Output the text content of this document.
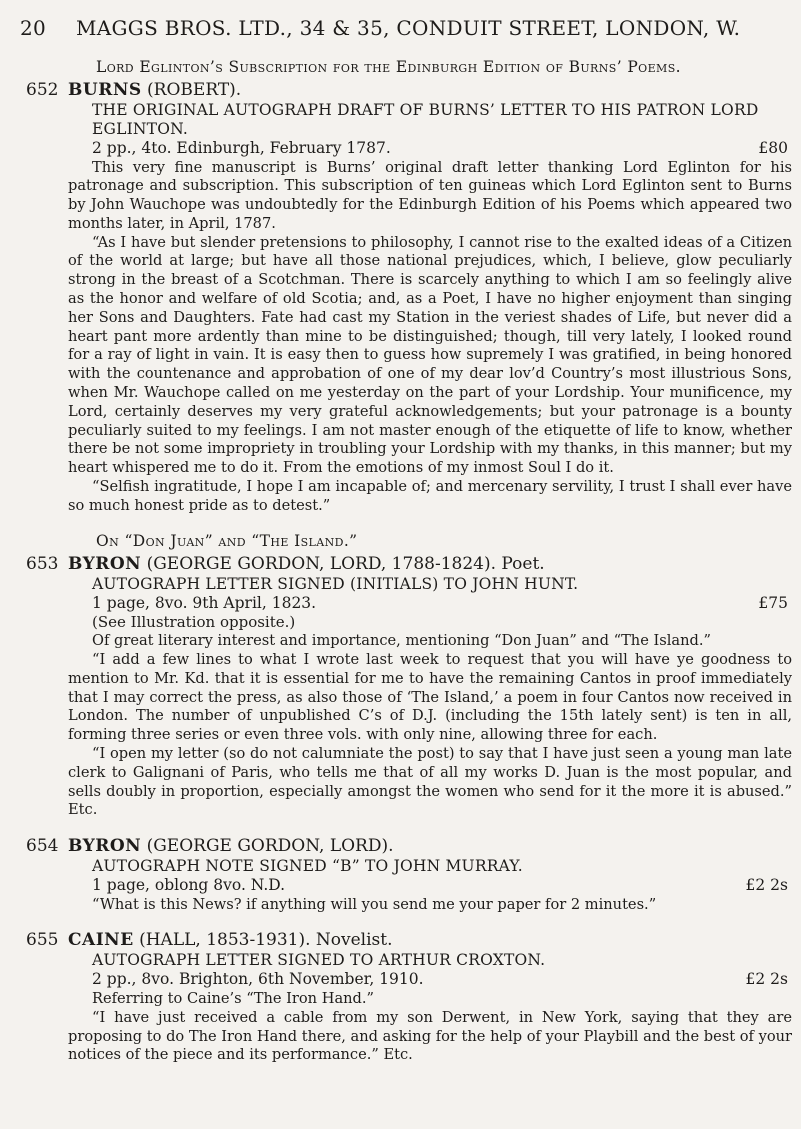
20 MAGGS BROS. LTD., 34 & 35, CONDUIT STREET, LONDON, W.
Lord Eglinton’s Subscription for the Edinburgh Edition of Burns’ Poems.
652 BURNS (ROBERT).
THE ORIGINAL AUTOGRAPH DRAFT OF BURNS’ LETTER TO HIS PATRON LORD EGLINTON.
2 pp., 4to. Edinburgh, February 1787.	£80

This very fine manuscript is Burns’ original draft letter thanking Lord Eglinton for his patronage and subscription. This subscription of ten guineas which Lord Eglinton sent to Burns by John Wauchope was undoubtedly for the Edinburgh Edition of his Poems which appeared two months later, in April, 1787.

“As I have but slender pretensions to philosophy, I cannot rise to the exalted ideas of a Citizen of the world at large; but have all those national prejudices, which, I believe, glow peculiarly strong in the breast of a Scotchman. There is scarcely anything to which I am so feelingly alive as the honor and welfare of old Scotia; and, as a Poet, I have no higher enjoyment than singing her Sons and Daughters. Fate had cast my Station in the veriest shades of Life, but never did a heart pant more ardently than mine to be distinguished; though, till very lately, I looked round for a ray of light in vain. It is easy then to guess how supremely I was gratified, in being honored with the countenance and approbation of one of my dear lov’d Country’s most illustrious Sons, when Mr. Wauchope called on me yesterday on the part of your Lordship. Your munificence, my Lord, certainly deserves my very grateful acknowledgements; but your patronage is a bounty peculiarly suited to my feelings. I am not master enough of the etiquette of life to know, whether there be not some impropriety in troubling your Lordship with my thanks, in this manner; but my heart whispered me to do it. From the emotions of my inmost Soul I do it.

“Selfish ingratitude, I hope I am incapable of; and mercenary servility, I trust I shall ever have so much honest pride as to detest.”

On “Don Juan” and “The Island.”
653 BYRON (GEORGE GORDON, LORD, 1788-1824). Poet.
AUTOGRAPH LETTER SIGNED (INITIALS) TO JOHN HUNT.
1 page, 8vo. 9th April, 1823.	£75
(See Illustration opposite.)

Of great literary interest and importance, mentioning “Don Juan” and “The Island.”

“I add a few lines to what I wrote last week to request that you will have ye goodness to mention to Mr. Kd. that it is essential for me to have the remaining Cantos in proof immediately that I may correct the press, as also those of ‘The Island,’ a poem in four Cantos now received in London. The number of unpublished C’s of D.J. (including the 15th lately sent) is ten in all, forming three series or even three vols. with only nine, allowing three for each.

“I open my letter (so do not calumniate the post) to say that I have just seen a young man late clerk to Galignani of Paris, who tells me that of all my works D. Juan is the most popular, and sells doubly in proportion, especially amongst the women who send for it the more it is abused.” Etc.

654 BYRON (GEORGE GORDON, LORD).
AUTOGRAPH NOTE SIGNED “B” TO JOHN MURRAY.
1 page, oblong 8vo. N.D.	£2 2s

“What is this News? if anything will you send me your paper for 2 minutes.”

655 CAINE (HALL, 1853-1931). Novelist.
AUTOGRAPH LETTER SIGNED TO ARTHUR CROXTON.
2 pp., 8vo. Brighton, 6th November, 1910.	£2 2s

Referring to Caine’s “The Iron Hand.”

“I have just received a cable from my son Derwent, in New York, saying that they are proposing to do The Iron Hand there, and asking for the help of your Playbill and the best of your notices of the piece and its performance.” Etc.
